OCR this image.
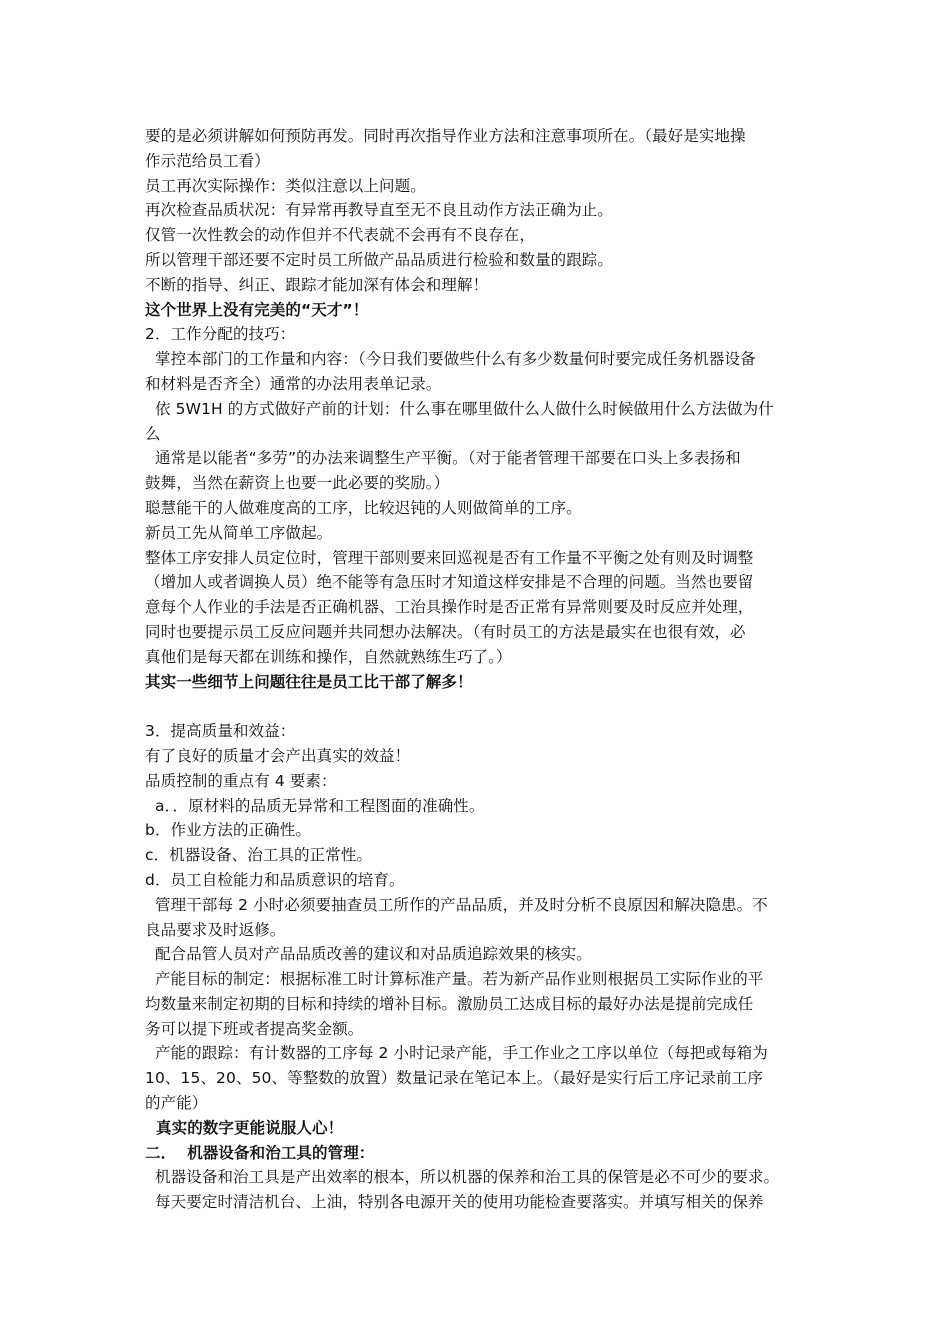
要的是必须讲解如何预防再发。同时再次指导作业方法和注意事项所在。（最好是实地操
作示范给员工看）
员工再次实际操作：类似注意以上问题。
再次检查品质状况：有异常再教导直至无不良且动作方法正确为止。
仅管一次性教会的动作但并不代表就不会再有不良存在，
所以管理干部还要不定时员工所做产品品质进行检验和数量的跟踪。
不断的指导、纠正、跟踪才能加深有体会和理解！
这个世界上没有完美的“天才”！
2．工作分配的技巧：
掌控本部门的工作量和内容：（今日我们要做些什么有多少数量何时要完成任务机器设备
和材料是否齐全）通常的办法用表单记录。
依 5W1H 的方式做好产前的计划：什么事在哪里做什么人做什么时候做用什么方法做为什
么
通常是以能者“多劳”的办法来调整生产平衡。（对于能者管理干部要在口头上多表扬和
鼓舞，当然在薪资上也要一此必要的奖励。）
聪慧能干的人做难度高的工序，比较迟钝的人则做简单的工序。
新员工先从简单工序做起。
整体工序安排人员定位时，管理干部则要来回巡视是否有工作量不平衡之处有则及时调整
（增加人或者调换人员）绝不能等有急压时才知道这样安排是不合理的问题。当然也要留
意每个人作业的手法是否正确机器、工治具操作时是否正常有异常则要及时反应并处理，
同时也要提示员工反应问题并共同想办法解决。（有时员工的方法是最实在也很有效，必
真他们是每天都在训练和操作，自然就熟练生巧了。）
其实一些细节上问题往往是员工比干部了解多！
3．提高质量和效益：
有了良好的质量才会产出真实的效益！
品质控制的重点有 4 要素：
a．．原材料的品质无异常和工程图面的准确性。
b．作业方法的正确性。
c．机器设备、治工具的正常性。
d．员工自检能力和品质意识的培育。
管理干部每 2 小时必须要抽查员工所作的产品品质，并及时分析不良原因和解决隐患。不
良品要求及时返修。
配合品管人员对产品品质改善的建议和对品质追踪效果的核实。
产能目标的制定：根据标准工时计算标准产量。若为新产品作业则根据员工实际作业的平
均数量来制定初期的目标和持续的增补目标。激励员工达成目标的最好办法是提前完成任
务可以提下班或者提高奖金额。
产能的跟踪：有计数器的工序每 2 小时记录产能，手工作业之工序以单位（每把或每箱为
10、15、20、50、等整数的放置）数量记录在笔记本上。（最好是实行后工序记录前工序
的产能）
真实的数字更能说服人心！
二．  机器设备和治工具的管理：
机器设备和治工具是产出效率的根本，所以机器的保养和治工具的保管是必不可少的要求。
每天要定时清洁机台、上油，特别各电源开关的使用功能检查要落实。并填写相关的保养
